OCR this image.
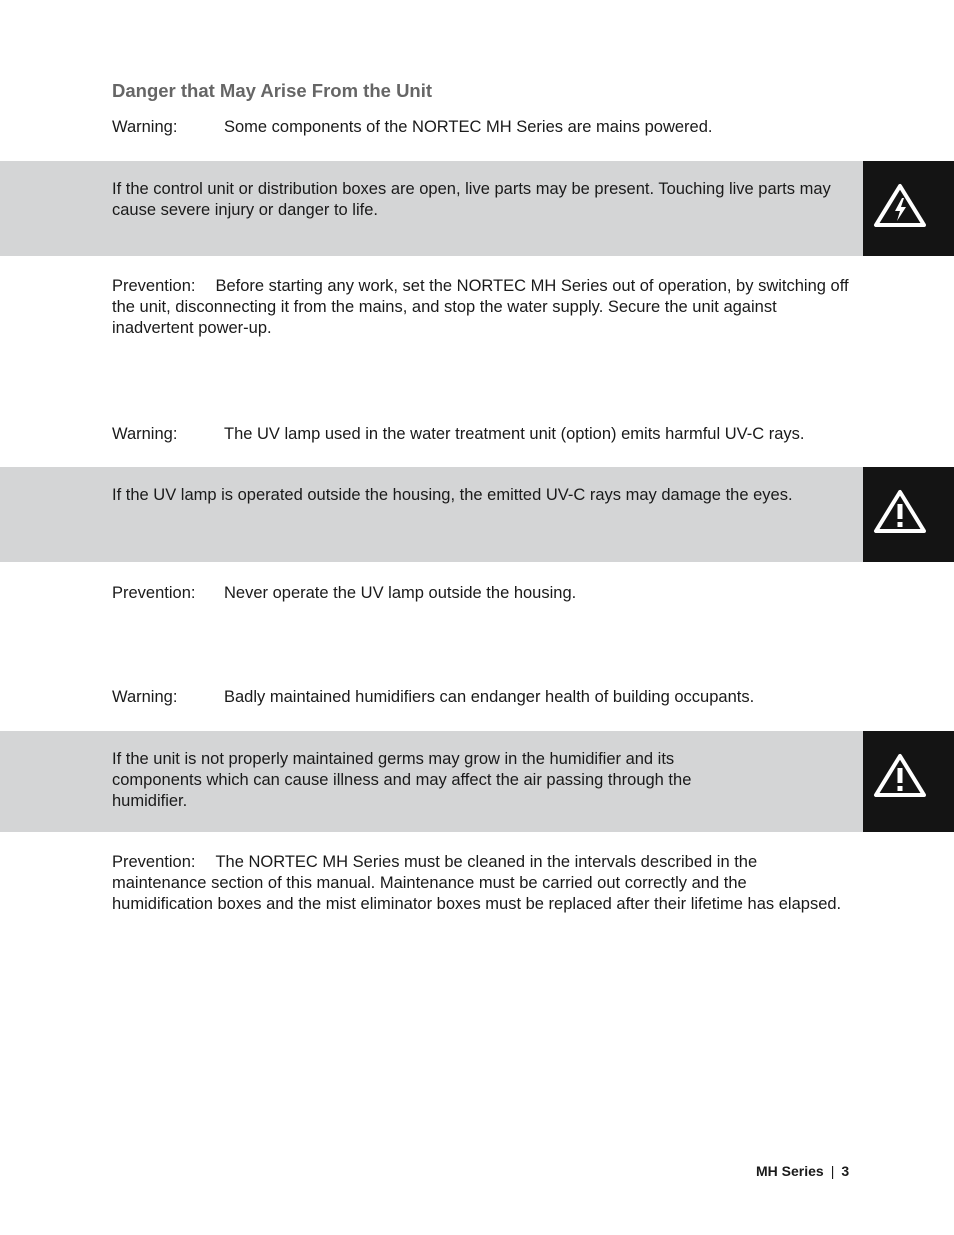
Danger that May Arise From the Unit
Warning:	Some components of the NORTEC MH Series are mains powered.
If the control unit or distribution boxes are open, live parts may be present. Touching live parts may cause severe injury or danger to life.
Prevention: Before starting any work, set the NORTEC MH Series out of operation, by switching off the unit, disconnecting it from the mains, and stop the water supply. Secure the unit against inadvertent power-up.
Warning:	The UV lamp used in the water treatment unit (option) emits harmful UV-C rays.
If the UV lamp is operated outside the housing, the emitted UV-C rays may damage the eyes.
Prevention: Never operate the UV lamp outside the housing.
Warning:	Badly maintained humidifiers can endanger health of building occupants.
If the unit is not properly maintained germs may grow in the humidifier and its components which can cause illness and may affect the air passing through the humidifier.
Prevention: The NORTEC MH Series must be cleaned in the intervals described in the maintenance section of this manual. Maintenance must be carried out correctly and the humidification boxes and the mist eliminator boxes must be replaced after their lifetime has elapsed.
MH Series | 3
